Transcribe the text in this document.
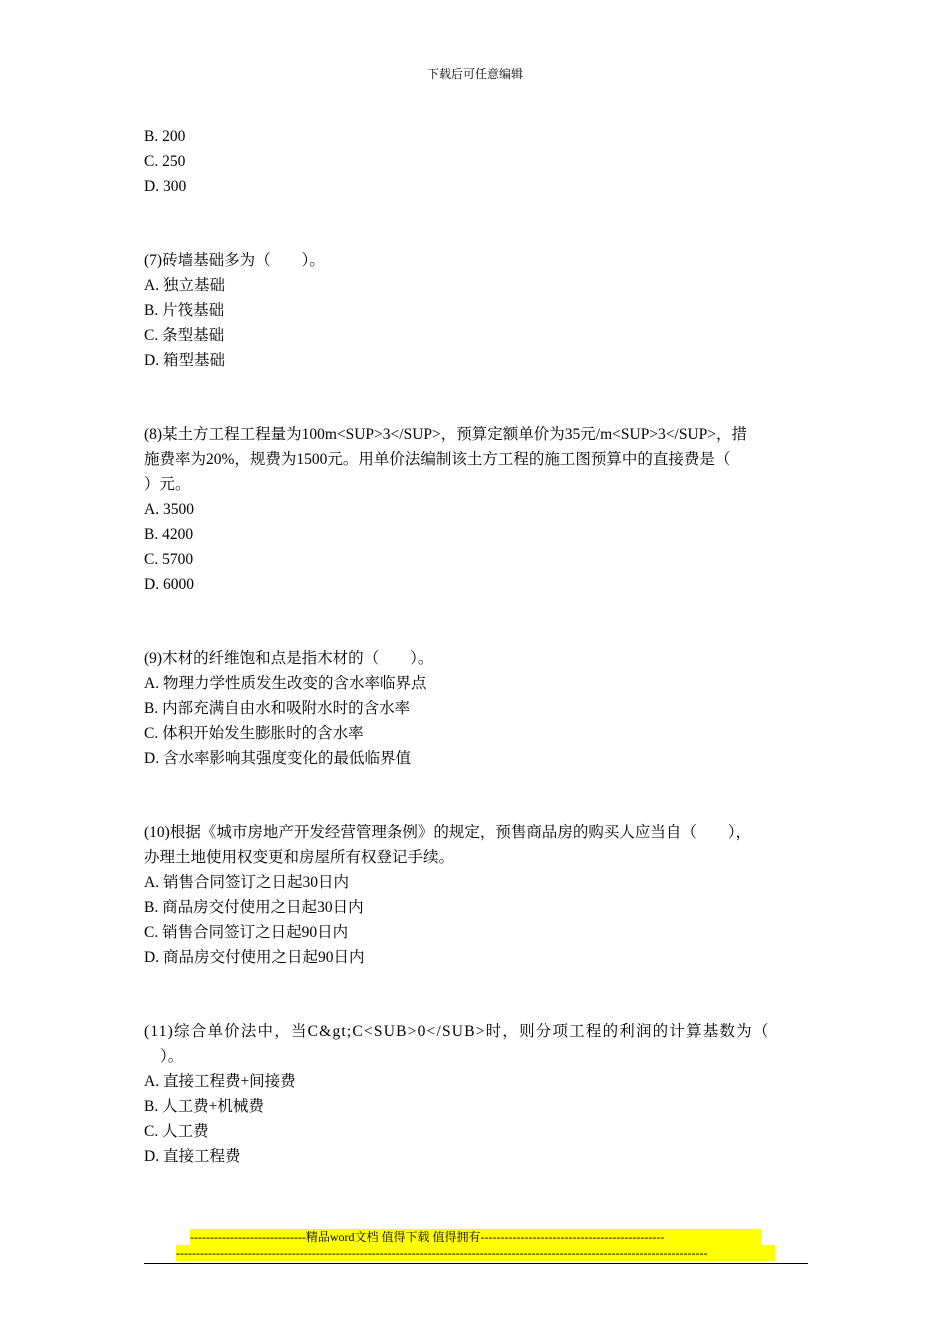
下载后可任意编辑
B. 200
C. 250
D. 300
(7)砖墙基础多为（　　）。
A. 独立基础
B. 片筏基础
C. 条型基础
D. 箱型基础
(8)某土方工程工程量为100m<SUP>3</SUP>，预算定额单价为35元/m<SUP>3</SUP>，措
施费率为20%，规费为1500元。用单价法编制该土方工程的施工图预算中的直接费是（
）元。
A. 3500
B. 4200
C. 5700
D. 6000
(9)木材的纤维饱和点是指木材的（　　）。
A. 物理力学性质发生改变的含水率临界点
B. 内部充满自由水和吸附水时的含水率
C. 体积开始发生膨胀时的含水率
D. 含水率影响其强度变化的最低临界值
(10)根据《城市房地产开发经营管理条例》的规定，预售商品房的购买人应当自（　　），
办理土地使用权变更和房屋所有权登记手续。
A. 销售合同签订之日起30日内
B. 商品房交付使用之日起30日内
C. 销售合同签订之日起90日内
D. 商品房交付使用之日起90日内
(11)综合单价法中，当C&gt;C<SUB>0</SUB>时，则分项工程的利润的计算基数为（
）。
A. 直接工程费+间接费
B. 人工费+机械费
C. 人工费
D. 直接工程费
-----------------------------精品word文档 值得下载 值得拥有----------------------------------------------
-------------------------------------------------------------------------------------------------------------------------------------
